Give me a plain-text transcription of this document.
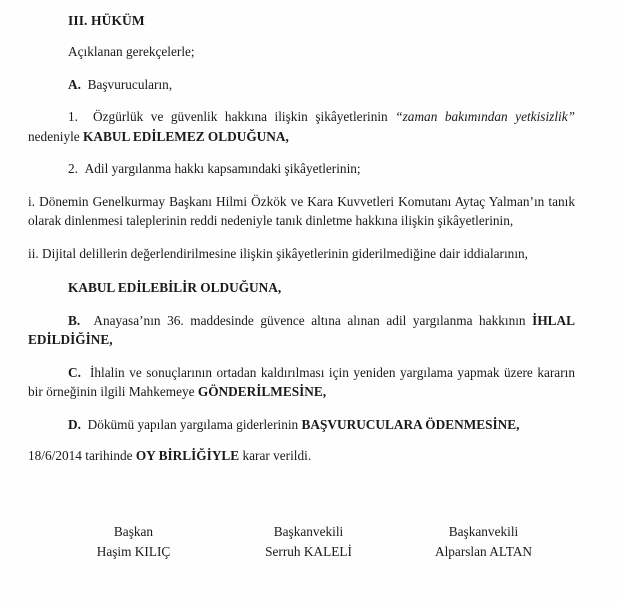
III. HÜKÜM

Açıklanan gerekçelerle;

A. Başvurucuların,

1. Özgürlük ve güvenlik hakkına ilişkin şikâyetlerinin “zaman bakımından yetkisizlik” nedeniyle KABUL EDİLEMEZ OLDUĞUNA,

2. Adil yargılanma hakkı kapsamındaki şikâyetlerinin;

i. Dönemin Genelkurmay Başkanı Hilmi Özkök ve Kara Kuvvetleri Komutanı Aytaç Yalman’ın tanık olarak dinlenmesi taleplerinin reddi nedeniyle tanık dinletme hakkına ilişkin şikâyetlerinin,

ii. Dijital delillerin değerlendirilmesine ilişkin şikâyetlerinin giderilmediğine dair iddialarının,

KABUL EDİLEBİLİR OLDUĞUNA,

B. Anayasa’nın 36. maddesinde güvence altına alınan adil yargılanma hakkının İHLAL EDİLDİĞİNE,

C. İhlalin ve sonuçlarının ortadan kaldırılması için yeniden yargılama yapmak üzere kararın bir örneğinin ilgili Mahkemeye GÖNDERİLMESİNE,

D. Dökümü yapılan yargılama giderlerinin BAŞVURUCULARA ÖDENMESİNE,

18/6/2014 tarihinde OY BİRLİĞİYLE karar verildi.

Başkan
Haşim KILIÇ
Başkanvekili
Serruh KALELİ
Başkanvekili
Alparslan ALTAN
